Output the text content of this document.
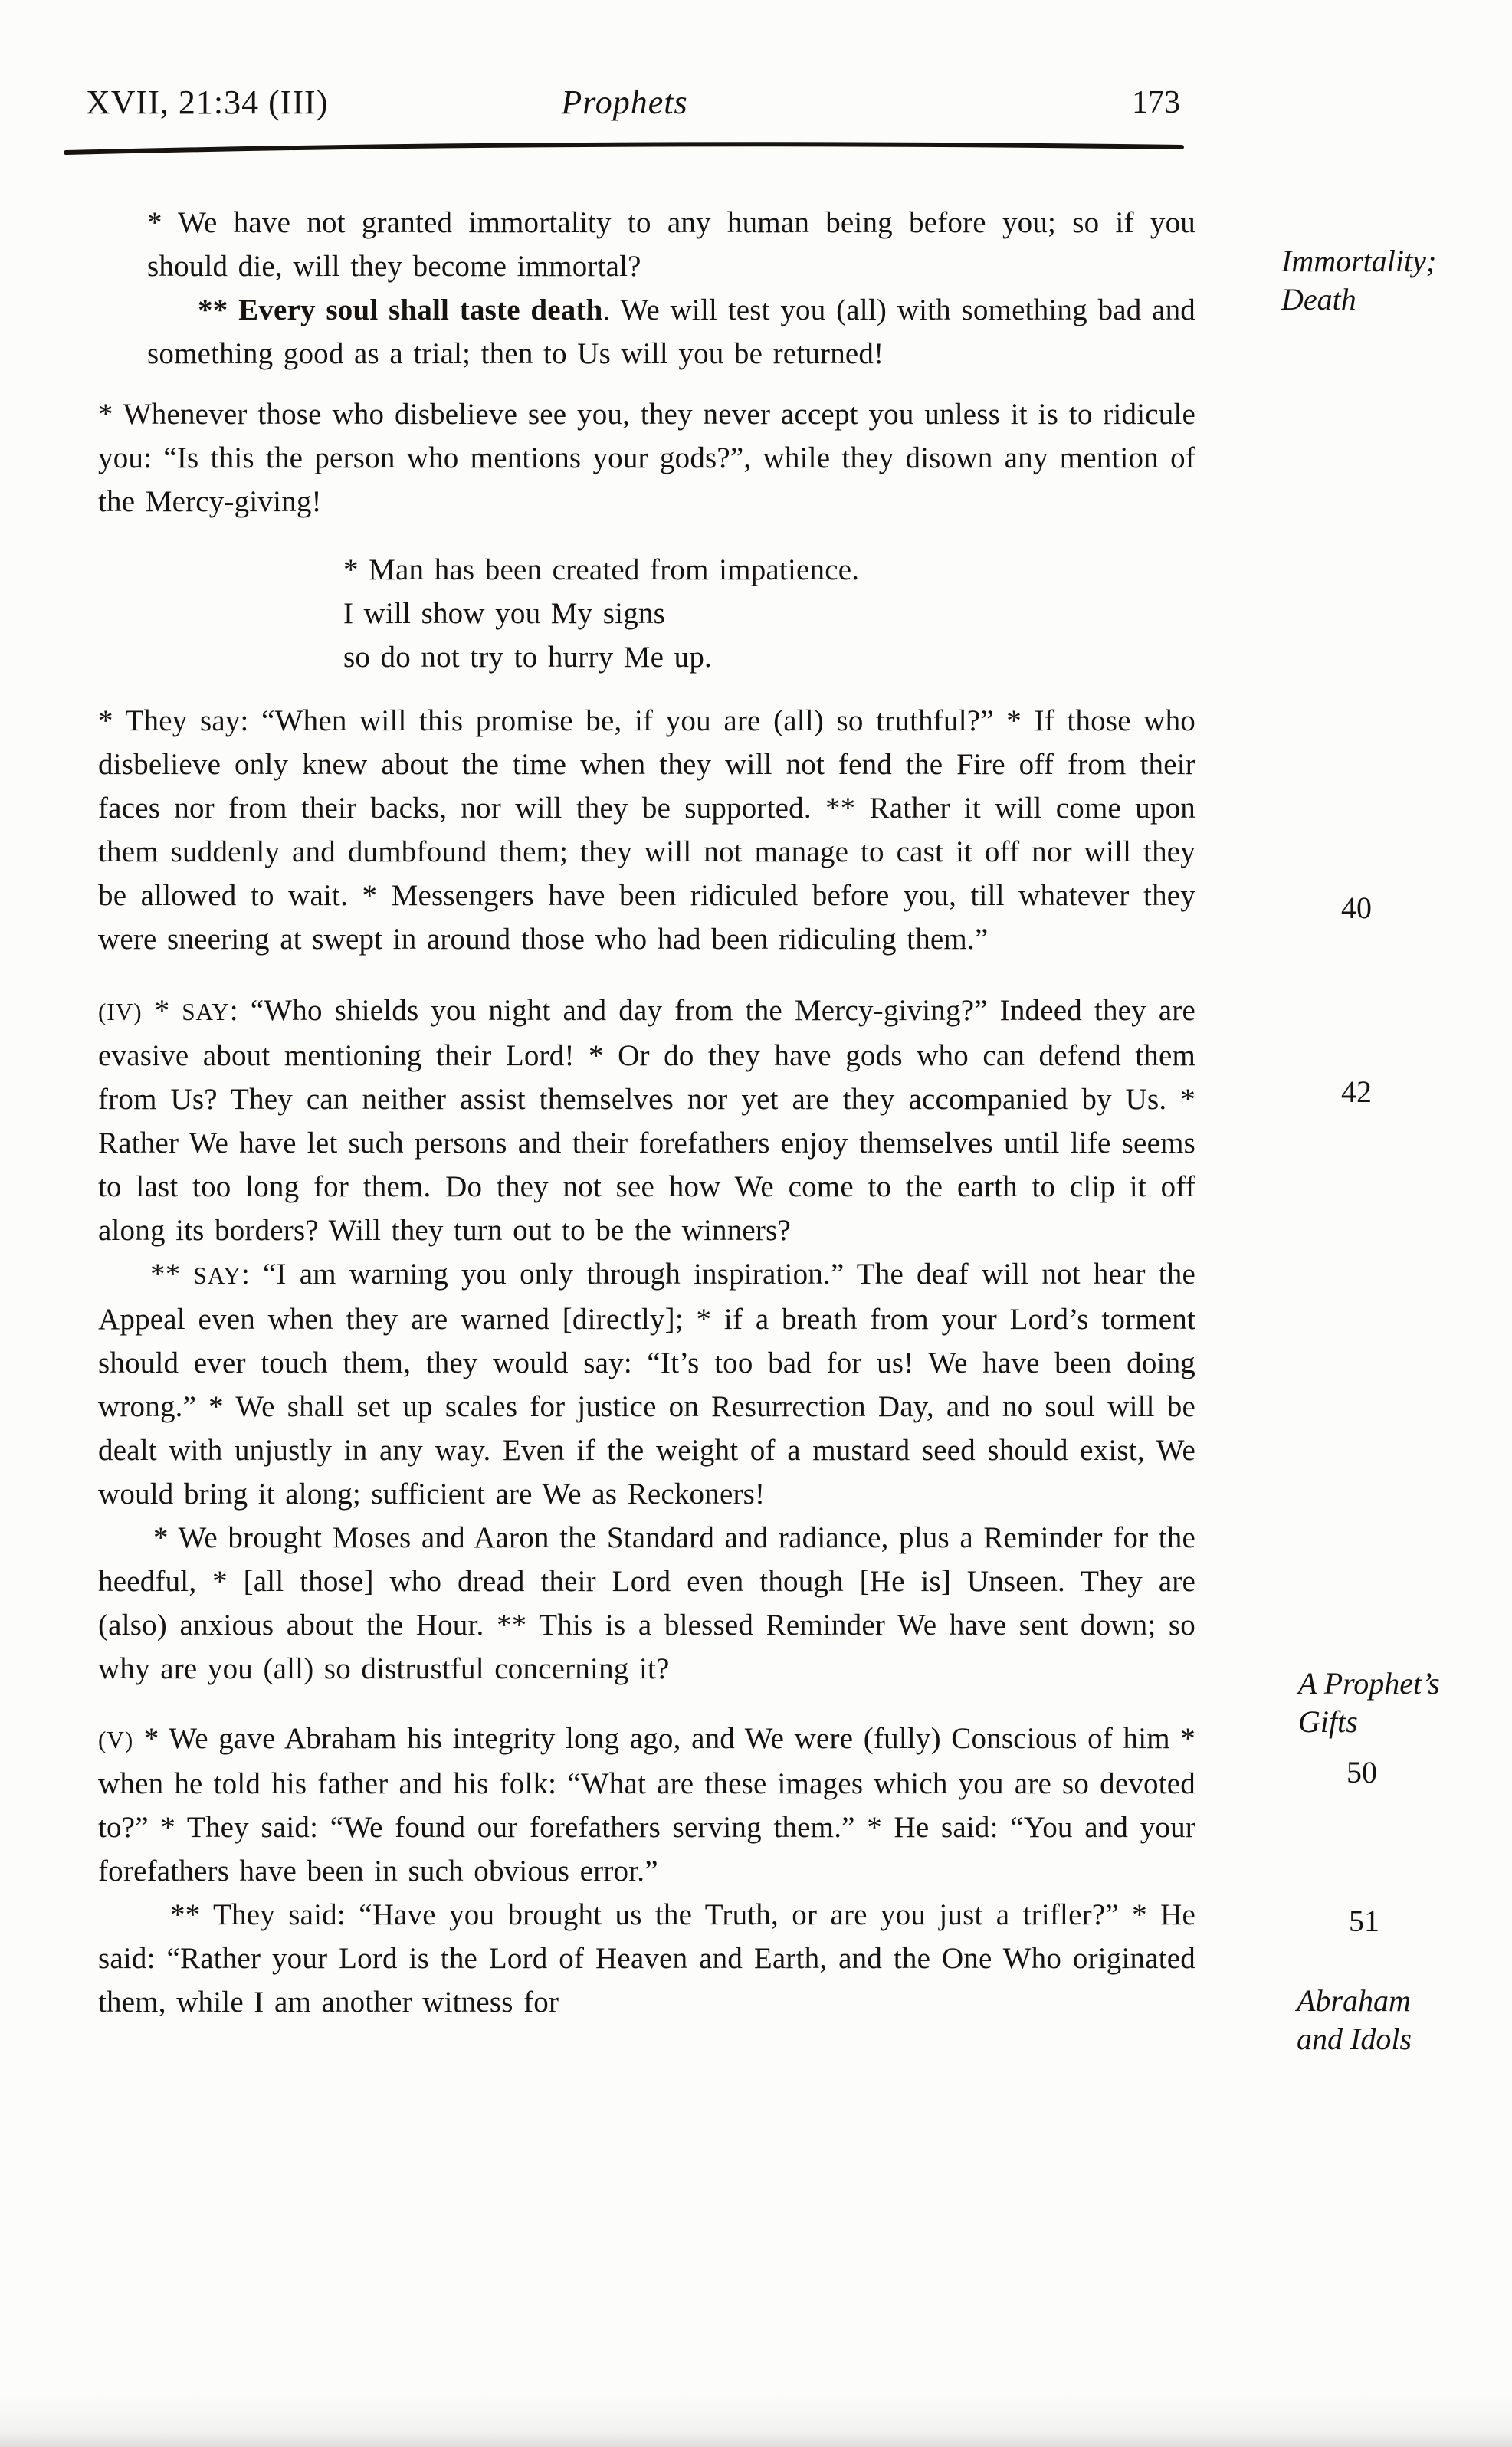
XVII, 21:34 (III)	Prophets	173

* We have not granted immortality to any human being before you; so if you should die, will they become immortal?

** Every soul shall taste death. We will test you (all) with something bad and something good as a trial; then to Us will you be returned!

* Whenever those who disbelieve see you, they never accept you unless it is to ridicule you: “Is this the person who mentions your gods?”, while they disown any mention of the Mercy-giving!

* Man has been created from impatience.

I will show you My signs

so do not try to hurry Me up.

* They say: “When will this promise be, if you are (all) so truthful?” * If those who disbelieve only knew about the time when they will not fend the Fire off from their faces nor from their backs, nor will they be supported. ** Rather it will come upon them suddenly and dumbfound them; they will not manage to cast it off nor will they be allowed to wait. * Messengers have been ridiculed before you, till whatever they were sneering at swept in around those who had been ridiculing them.”

(IV) * SAY: “Who shields you night and day from the Mercy-giving?” Indeed they are evasive about mentioning their Lord! * Or do they have gods who can defend them from Us? They can neither assist themselves nor yet are they accompanied by Us. * Rather We have let such persons and their forefathers enjoy themselves until life seems to last too long for them. Do they not see how We come to the earth to clip it off along its borders? Will they turn out to be the winners?

** SAY: “I am warning you only through inspiration.” The deaf will not hear the Appeal even when they are warned [directly]; * if a breath from your Lord’s torment should ever touch them, they would say: “It’s too bad for us! We have been doing wrong.” * We shall set up scales for justice on Resurrection Day, and no soul will be dealt with unjustly in any way. Even if the weight of a mustard seed should exist, We would bring it along; sufficient are We as Reckoners!

* We brought Moses and Aaron the Standard and radiance, plus a Reminder for the heedful, * [all those] who dread their Lord even though [He is] Unseen. They are (also) anxious about the Hour. ** This is a blessed Reminder We have sent down; so why are you (all) so distrustful concerning it?

(V) * We gave Abraham his integrity long ago, and We were (fully) Conscious of him * when he told his father and his folk: “What are these images which you are so devoted to?” * They said: “We found our forefathers serving them.” * He said: “You and your forefathers have been in such obvious error.”

** They said: “Have you brought us the Truth, or are you just a trifler?” * He said: “Rather your Lord is the Lord of Heaven and Earth, and the One Who originated them, while I am another witness for

Immortality;
Death
40
42
A Prophet’s
Gifts
50
51
Abraham
and Idols
